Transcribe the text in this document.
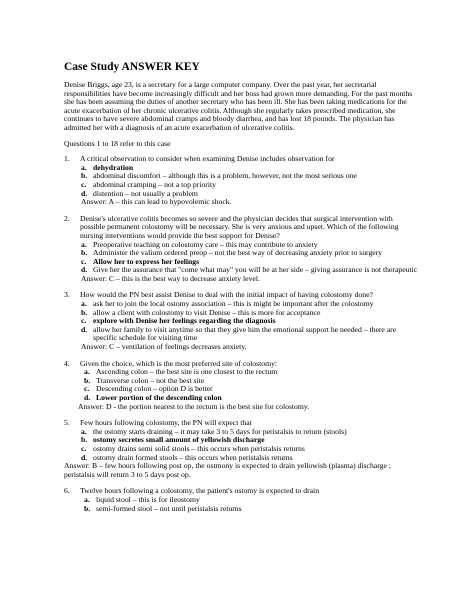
Case Study ANSWER KEY
Denise Briggs, age 23, is a secretary for a large computer company. Over the past year, her secretarial responsibilities have become increasingly difficult and her boss had grown more demanding. For the past months she has been assuming the duties of another secretary who has been ill. She has been taking medications for the acute exacerbation of her chronic ulcerative colitis. Although she regularly takes prescribed medication, she continues to have severe abdominal cramps and bloody diarrhea, and has lost 18 pounds. The physician has admitted her with a diagnosis of an acute exacerbation of ulcerative colitis.
Questions 1 to 18 refer to this case
1.	A critical observation to consider when examining Denise includes observation for
a. dehydration
b. abdominal discomfort – although this is a problem, however, not the most serious one
c. abdominal cramping – not a top priority
d. distention – not usually a problem
Answer: A – this can lead to hypovolemic shock.
2.	Denise's ulcerative colitis becomes so severe and the physician decides that surgical intervention with possible permanent colostomy will be necessary. She is very anxious and upset. Which of the following nursing interventions would provide the best support for Denise?
a. Preoperative teaching on colostomy care – this may contribute to anxiety
b. Administer the valium ordered preop – not the best way of decreasing anxiety prior to surgery
c. Allow her to express her feelings
d. Give her the assurance that "come what may" you will be at her side – giving assurance is not therapeutic
Answer: C – this is the best way to decrease anxiety level.
3.	How would the PN best assist Denise to deal with the initial impact of having colostomy done?
a. ask her to join the local ostomy association – this is might be important after the colostomy
b. allow a client with colostomy to visit Denise – this is more for acceptance
c. explore with Denise her feelings regarding the diagnosis
d. allow her family to visit anytime so that they give him the emotional support he needed – there are specific schedule for visiting time
Answer: C – ventilation of feelings decreases anxiety.
4.	Given the choice, which is the most preferred site of colostomy:
a. Ascending colon – the best site is one closest to the rectum
b. Transverse colon – not the best site
c. Descending colon – option D is better
d. Lower portion of the descending colon
Answer: D - the portion nearest to the rectum is the best site for colostomy.
5.	Few hours following colostomy, the PN will expect that
a. the ostomy starts draining – it may take 3 to 5 days for peristalsis to return (stools)
b. ostomy secretes small amount of yellowish discharge
c. ostomy drains semi solid stools – this occurs when peristalsis returns
d. ostomy drain formed stools – this occurs when peristalsis returns
Answer: B – few hours following post op, the ostmony is expected to drain yellowish (plasma) discharge ; peristalsis will return 3 to 5 days post op.
6.	Twelve hours following a colostomy, the patient's ostomy is expected to drain
a. liquid stool – this is for ileostomy
b. semi-formed stool – not until peristalsis returns
